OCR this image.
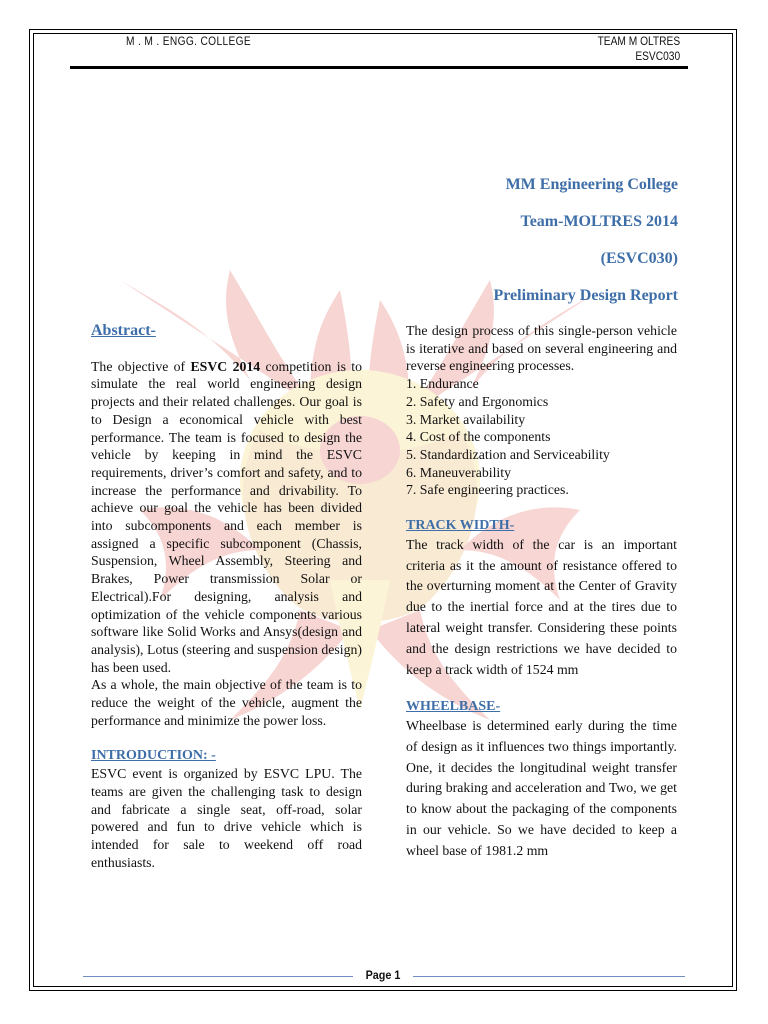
M . M . ENGG. COLLEGE	TEAM M OLTRES
ESVC030
MM Engineering College
Team-MOLTRES 2014
(ESVC030)
Preliminary Design Report
Abstract-

The objective of ESVC 2014 competition is to simulate the real world engineering design projects and their related challenges. Our goal is to Design a economical vehicle with best performance. The team is focused to design the vehicle by keeping in mind the ESVC requirements, driver’s comfort and safety, and to increase the performance and drivability. To achieve our goal the vehicle has been divided into subcomponents and each member is assigned a specific subcomponent (Chassis, Suspension, Wheel Assembly, Steering and Brakes, Power transmission Solar or Electrical).For designing, analysis and optimization of the vehicle components various software like Solid Works and Ansys(design and analysis), Lotus (steering and suspension design) has been used.

As a whole, the main objective of the team is to reduce the weight of the vehicle, augment the performance and minimize the power loss.

INTRODUCTION: -

ESVC event is organized by ESVC LPU. The teams are given the challenging task to design and fabricate a single seat, off-road, solar powered and fun to drive vehicle which is intended for sale to weekend off road enthusiasts.

The design process of this single-person vehicle is iterative and based on several engineering and reverse engineering processes.

1. Endurance
2. Safety and Ergonomics
3. Market availability
4. Cost of the components
5. Standardization and Serviceability
6. Maneuverability
7. Safe engineering practices.
TRACK WIDTH-

The track width of the car is an important criteria as it the amount of resistance offered to the overturning moment at the Center of Gravity due to the inertial force and at the tires due to lateral weight transfer. Considering these points and the design restrictions we have decided to keep a track width of 1524 mm

WHEELBASE-

Wheelbase is determined early during the time of design as it influences two things importantly. One, it decides the longitudinal weight transfer during braking and acceleration and Two, we get to know about the packaging of the components in our vehicle. So we have decided to keep a wheel base of 1981.2 mm

Page 1
